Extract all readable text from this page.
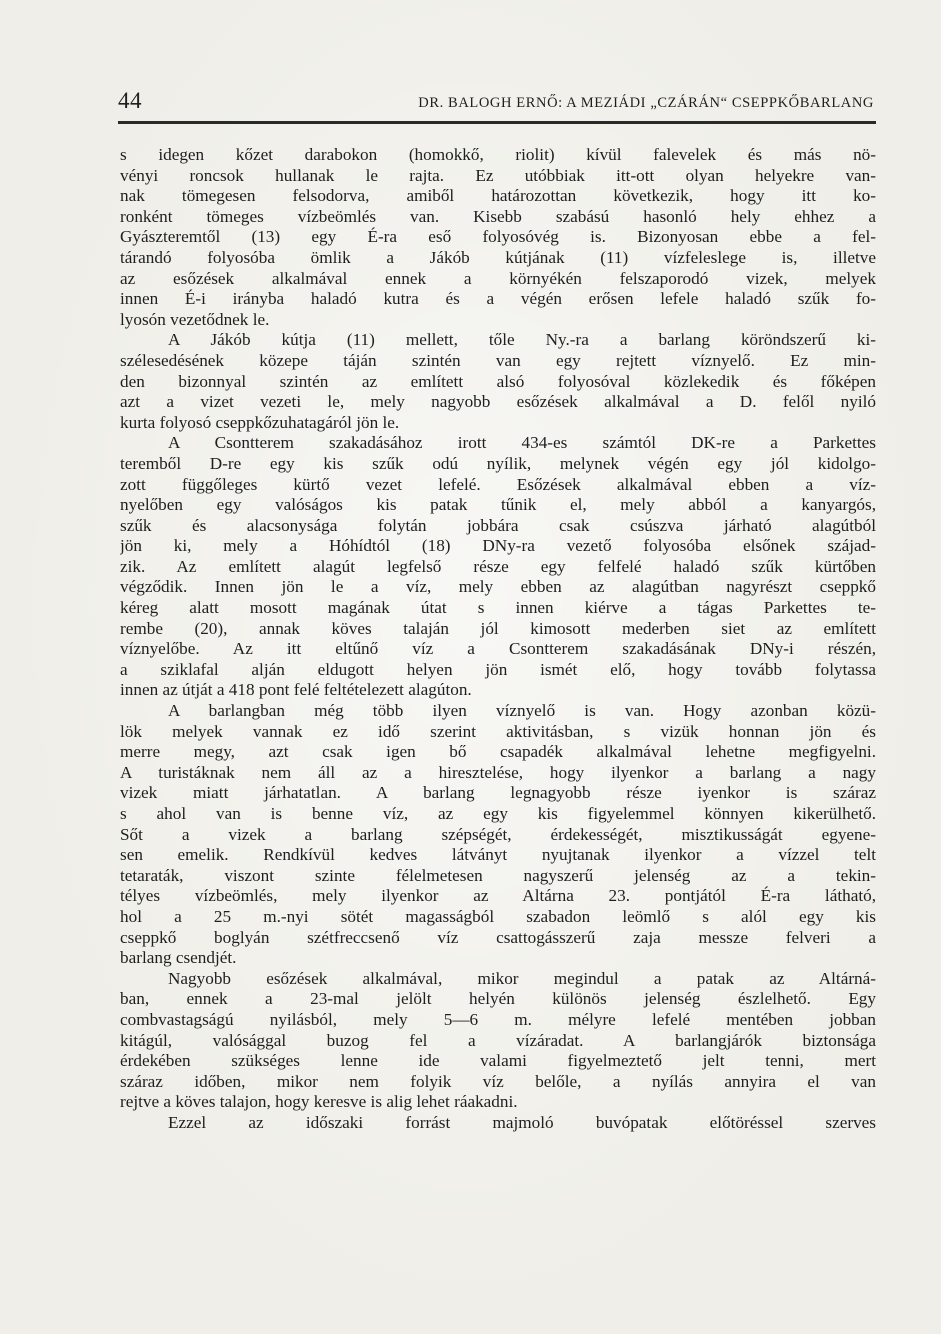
44	DR. BALOGH ERNŐ: A MEZIÁDI „CZÁRÁN“ CSEPPKŐBARLANG
s idegen kőzet darabokon (homokkő, riolit) kívül falevelek és más nö-
vényi roncsok hullanak le rajta. Ez utóbbiak itt-ott olyan helyekre van-
nak tömegesen felsodorva, amiből határozottan következik, hogy itt ko-
ronként tömeges vízbeömlés van. Kisebb szabású hasonló hely ehhez a
Gyászteremtől (13) egy É-ra eső folyosóvég is. Bizonyosan ebbe a fel-
tárandó folyosóba ömlik a Jákób kútjának (11) vízfeleslege is, illetve
az esőzések alkalmával ennek a környékén felszaporodó vizek, melyek
innen É-i irányba haladó kutra és a végén erősen lefele haladó szűk fo-
lyosón vezetődnek le.
A Jákób kútja (11) mellett, tőle Ny.-ra a barlang köröndszerű ki-
szélesedésének közepe táján szintén van egy rejtett víznyelő. Ez min-
den bizonnyal szintén az említett alsó folyosóval közlekedik és főképen
azt a vizet vezeti le, mely nagyobb esőzések alkalmával a D. felől nyiló
kurta folyosó cseppkőzuhatagáról jön le.
A Csontterem szakadásához irott 434-es számtól DK-re a Parkettes
teremből D-re egy kis szűk odú nyílik, melynek végén egy jól kidolgo-
zott függőleges kürtő vezet lefelé. Esőzések alkalmával ebben a víz-
nyelőben egy valóságos kis patak tűnik el, mely abból a kanyargós,
szűk és alacsonysága folytán jobbára csak csúszva járható alagútból
jön ki, mely a Hóhídtól (18) DNy-ra vezető folyosóba elsőnek szájad-
zik. Az említett alagút legfelső része egy felfelé haladó szűk kürtőben
végződik. Innen jön le a víz, mely ebben az alagútban nagyrészt cseppkő
kéreg alatt mosott magának útat s innen kiérve a tágas Parkettes te-
rembe (20), annak köves talaján jól kimosott mederben siet az említett
víznyelőbe. Az itt eltűnő víz a Csontterem szakadásának DNy-i részén,
a sziklafal alján eldugott helyen jön ismét elő, hogy tovább folytassa
innen az útját a 418 pont felé feltételezett alagúton.
A barlangban még több ilyen víznyelő is van. Hogy azonban közü-
lök melyek vannak ez idő szerint aktivitásban, s vizük honnan jön és
merre megy, azt csak igen bő csapadék alkalmával lehetne megfigyelni.
A turistáknak nem áll az a hiresztelése, hogy ilyenkor a barlang a nagy
vizek miatt járhatatlan. A barlang legnagyobb része iyenkor is száraz
s ahol van is benne víz, az egy kis figyelemmel könnyen kikerülhető.
Sőt a vizek a barlang szépségét, érdekességét, misztikusságát egyene-
sen emelik. Rendkívül kedves látványt nyujtanak ilyenkor a vízzel telt
tetaraták, viszont szinte félelmetesen nagyszerű jelenség az a tekin-
télyes vízbeömlés, mely ilyenkor az Altárna 23. pontjától É-ra látható,
hol a 25 m.-nyi sötét magasságból szabadon leömlő s alól egy kis
cseppkő boglyán szétfreccsenő víz csattogásszerű zaja messze felveri a
barlang csendjét.
Nagyobb esőzések alkalmával, mikor megindul a patak az Altárná-
ban, ennek a 23-mal jelölt helyén különös jelenség észlelhető. Egy
combvastagságú nyilásból, mely 5—6 m. mélyre lefelé mentében jobban
kitágúl, valósággal buzog fel a vízáradat. A barlangjárók biztonsága
érdekében szükséges lenne ide valami figyelmeztető jelt tenni, mert
száraz időben, mikor nem folyik víz belőle, a nyílás annyira el van
rejtve a köves talajon, hogy keresve is alig lehet ráakadni.
Ezzel az időszaki forrást majmoló buvópatak előtöréssel szerves
